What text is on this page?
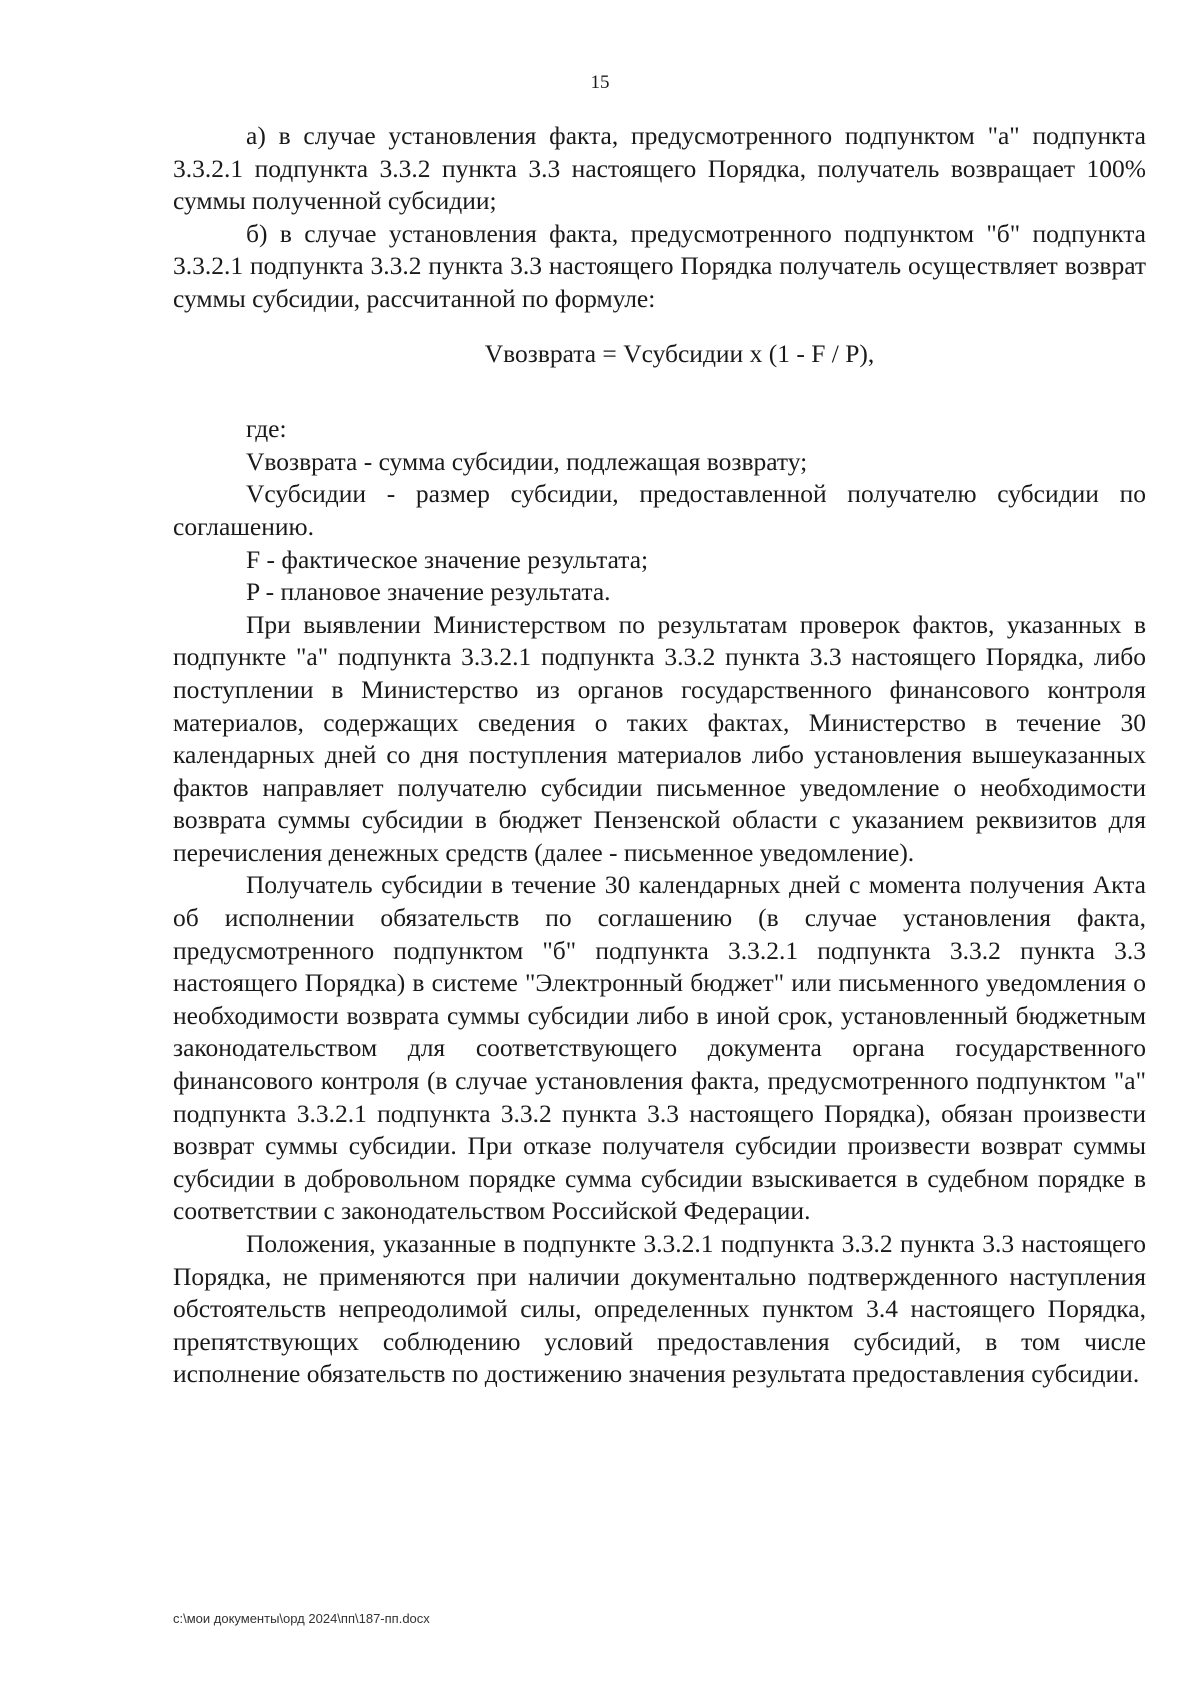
15

а) в случае установления факта, предусмотренного подпунктом "а" подпункта 3.3.2.1 подпункта 3.3.2 пункта 3.3 настоящего Порядка, получатель возвращает 100% суммы полученной субсидии;

б) в случае установления факта, предусмотренного подпунктом "б" подпункта 3.3.2.1 подпункта 3.3.2 пункта 3.3 настоящего Порядка получатель осуществляет возврат суммы субсидии, рассчитанной по формуле:

Vвозврата = Vсубсидии x (1 - F / P),

где:

Vвозврата - сумма субсидии, подлежащая возврату;

Vсубсидии - размер субсидии, предоставленной получателю субсидии по соглашению.

F - фактическое значение результата;

P - плановое значение результата.

При выявлении Министерством по результатам проверок фактов, указанных в подпункте "а" подпункта 3.3.2.1 подпункта 3.3.2 пункта 3.3 настоящего Порядка, либо поступлении в Министерство из органов государственного финансового контроля материалов, содержащих сведения о таких фактах, Министерство в течение 30 календарных дней со дня поступления материалов либо установления вышеуказанных фактов направляет получателю субсидии письменное уведомление о необходимости возврата суммы субсидии в бюджет Пензенской области с указанием реквизитов для перечисления денежных средств (далее - письменное уведомление).

Получатель субсидии в течение 30 календарных дней с момента получения Акта об исполнении обязательств по соглашению (в случае установления факта, предусмотренного подпунктом "б" подпункта 3.3.2.1 подпункта 3.3.2 пункта 3.3 настоящего Порядка) в системе "Электронный бюджет" или письменного уведомления о необходимости возврата суммы субсидии либо в иной срок, установленный бюджетным законодательством для соответствующего документа органа государственного финансового контроля (в случае установления факта, предусмотренного подпунктом "а" подпункта 3.3.2.1 подпункта 3.3.2 пункта 3.3 настоящего Порядка), обязан произвести возврат суммы субсидии. При отказе получателя субсидии произвести возврат суммы субсидии в добровольном порядке сумма субсидии взыскивается в судебном порядке в соответствии с законодательством Российской Федерации.

Положения, указанные в подпункте 3.3.2.1 подпункта 3.3.2 пункта 3.3 настоящего Порядка, не применяются при наличии документально подтвержденного наступления обстоятельств непреодолимой силы, определенных пунктом 3.4 настоящего Порядка, препятствующих соблюдению условий предоставления субсидий, в том числе исполнение обязательств по достижению значения результата предоставления субсидии.

c:\мои документы\орд 2024\пп\187-пп.docx
